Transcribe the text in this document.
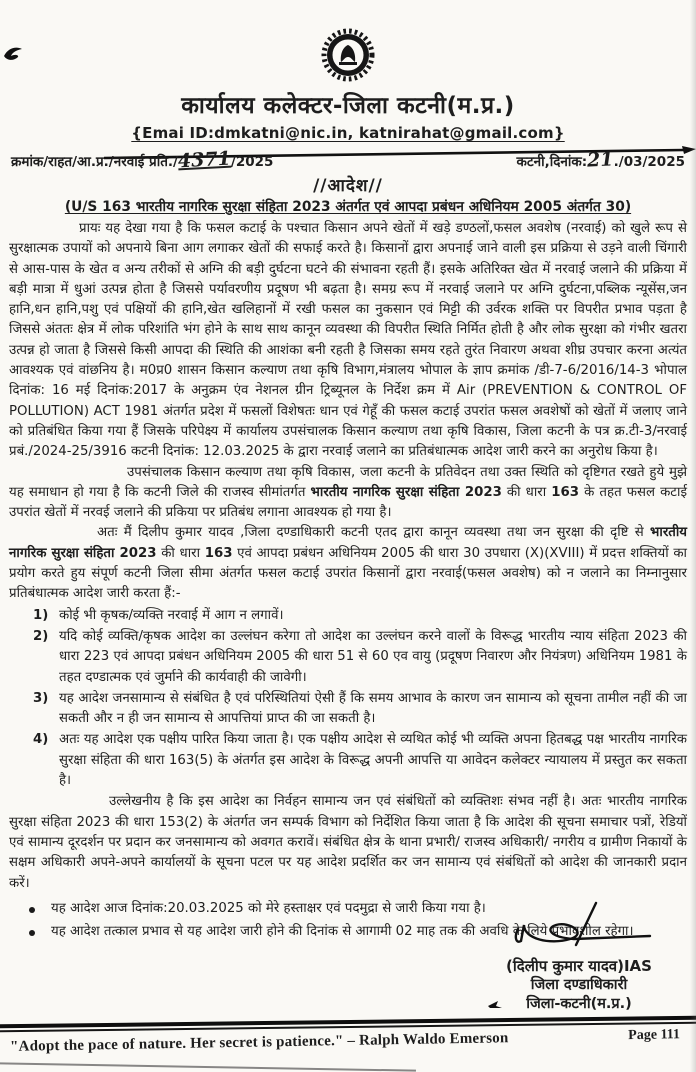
कार्यालय कलेक्टर-जिला कटनी(म.प्र.)
{Emai ID:dmkatni@nic.in, katnirahat@gmail.com}
क्रमांक/राहत/आ.प्र./नरवाई प्रति./4371/2025	कटनी,दिनांक:21./03/2025
//आदेश//
(U/S 163 भारतीय नागरिक सुरक्षा संहिता 2023 अंतर्गत एवं आपदा प्रबंधन अधिनियम 2005 अंतर्गत 30)

प्रायः यह देखा गया है कि फसल कटाई के पश्चात किसान अपने खेतों में खड़े डण्ठलों,फसल अवशेष (नरवाई) को खुले रूप से सुरक्षात्मक उपायों को अपनाये बिना आग लगाकर खेतों की सफाई करते है। किसानों द्वारा अपनाई जाने वाली इस प्रक्रिया से उड़ने वाली चिंगारी से आस-पास के खेत व अन्य तरीकों से अग्नि की बड़ी दुर्घटना घटने की संभावना रहती हैं। इसके अतिरिक्त खेत में नरवाई जलाने की प्रक्रिया में बड़ी मात्रा में धुआं उत्पन्न होता है जिससे पर्यावरणीय प्रदूषण भी बढ़ता है। समग्र रूप में नरवाई जलाने पर अग्नि दुर्घटना,पब्लिक न्यूसेंस,जन हानि,धन हानि,पशु एवं पक्षियों की हानि,खेत खलिहानों में रखी फसल का नुकसान एवं मिट्टी की उर्वरक शक्ति पर विपरीत प्रभाव पड़ता है जिससे अंततः क्षेत्र में लोक परिशांति भंग होने के साथ साथ कानून व्यवस्था की विपरीत स्थिति निर्मित होती है और लोक सुरक्षा को गंभीर खतरा उत्पन्न हो जाता है जिससे किसी आपदा की स्थिति की आशंका बनी रहती है जिसका समय रहते तुरंत निवारण अथवा शीघ्र उपचार करना अत्यंत आवश्यक एवं वांछनिय है। म0प्र0 शासन किसान कल्याण तथा कृषि विभाग,मंत्रालय भोपाल के ज्ञाप क्रमांक /डी-7-6/2016/14-3 भोपाल दिनांक: 16 मई दिनांक:2017 के अनुक्रम एंव नेशनल ग्रीन ट्रिब्यूनल के निर्देश क्रम में Air (PREVENTION & CONTROL OF POLLUTION) ACT 1981 अंतर्गत प्रदेश में फसलों विशेषतः धान एवं गेहूँ की फसल कटाई उपरांत फसल अवशेषों को खेतों में जलाए जाने को प्रतिबंधित किया गया हैं जिसके परिपेक्ष्य में कार्यालय उपसंचालक किसान कल्याण तथा कृषि विकास, जिला कटनी के पत्र क्र.टी-3/नरवाई प्रबं./2024-25/3916 कटनी दिनांक: 12.03.2025 के द्वारा नरवाई जलाने का प्रतिबंधात्मक आदेश जारी करने का अनुरोध किया है।

उपसंचालक किसान कल्याण तथा कृषि विकास, जला कटनी के प्रतिवेदन तथा उक्त स्थिति को दृष्टिगत रखते हुये मुझे यह समाधान हो गया है कि कटनी जिले की राजस्व सीमांतर्गत भारतीय नागरिक सुरक्षा संहिता 2023 की धारा 163 के तहत फसल कटाई उपरांत खेतों में नरवई जलाने की प्रकिया पर प्रतिबंध लगाना आवश्यक हो गया है।

अतः मैं दिलीप कुमार यादव ,जिला दण्डाधिकारी कटनी एतद द्वारा कानून व्यवस्था तथा जन सुरक्षा की दृष्टि से भारतीय नागरिक सुरक्षा संहिता 2023 की धारा 163 एवं आपदा प्रबंधन अधिनियम 2005 की धारा 30 उपधारा (X)(XVIII) में प्रदत्त शक्तियों का प्रयोग करते हुय संपूर्ण कटनी जिला सीमा अंतर्गत फसल कटाई उपरांत किसानों द्वारा नरवाई(फसल अवशेष) को न जलाने का निम्नानुसार प्रतिबंधात्मक आदेश जारी करता हैं:-

1) कोई भी कृषक/व्यक्ति नरवाई में आग न लगावें।
2) यदि कोई व्यक्ति/कृषक आदेश का उल्लंघन करेगा तो आदेश का उल्लंघन करने वालों के विरूद्ध भारतीय न्याय संहिता 2023 की धारा 223 एवं आपदा प्रबंधन अधिनियम 2005 की धारा 51 से 60 एव वायु (प्रदूषण निवारण और नियंत्रण) अधिनियम 1981 के तहत दण्डात्मक एवं जुर्माने की कार्यवाही की जावेगी।
3) यह आदेश जनसामान्य से संबंधित है एवं परिस्थितियां ऐसी हैं कि समय आभाव के कारण जन सामान्य को सूचना तामील नहीं की जा सकती और न ही जन सामान्य से आपत्तियां प्राप्त की जा सकती है।
4) अतः यह आदेश एक पक्षीय पारित किया जाता है। एक पक्षीय आदेश से व्यथित कोई भी व्यक्ति अपना हितबद्ध पक्ष भारतीय नागरिक सुरक्षा संहिता की धारा 163(5) के अंतर्गत इस आदेश के विरूद्ध अपनी आपत्ति या आवेदन कलेक्टर न्यायालय में प्रस्तुत कर सकता है।

उल्लेखनीय है कि इस आदेश का निर्वहन सामान्य जन एवं संबंधितों को व्यक्तिशः संभव नहीं है। अतः भारतीय नागरिक सुरक्षा संहिता 2023 की धारा 153(2) के अंतर्गत जन सम्पर्क विभाग को निर्देशित किया जाता है कि आदेश की सूचना समाचार पत्रों, रेडियों एवं सामान्य दूरदर्शन पर प्रदान कर जनसामान्य को अवगत करावें। संबंधित क्षेत्र के थाना प्रभारी/ राजस्व अधिकारी/ नगरीय व ग्रामीण निकायों के सक्षम अधिकारी अपने-अपने कार्यालयों के सूचना पटल पर यह आदेश प्रदर्शित कर जन सामान्य एवं संबंधितों को आदेश की जानकारी प्रदान करें।

यह आदेश आज दिनांक:20.03.2025 को मेरे हस्ताक्षर एवं पदमुद्रा से जारी किया गया है।
यह आदेश तत्काल प्रभाव से यह आदेश जारी होने की दिनांक से आगामी 02 माह तक की अवधि के लिये प्रभावशील रहेगा।
(दिलीप कुमार यादव)IAS
जिला दण्डाधिकारी
जिला-कटनी(म.प्र.)
"Adopt the pace of nature. Her secret is patience." – Ralph Waldo Emerson	Page 111
